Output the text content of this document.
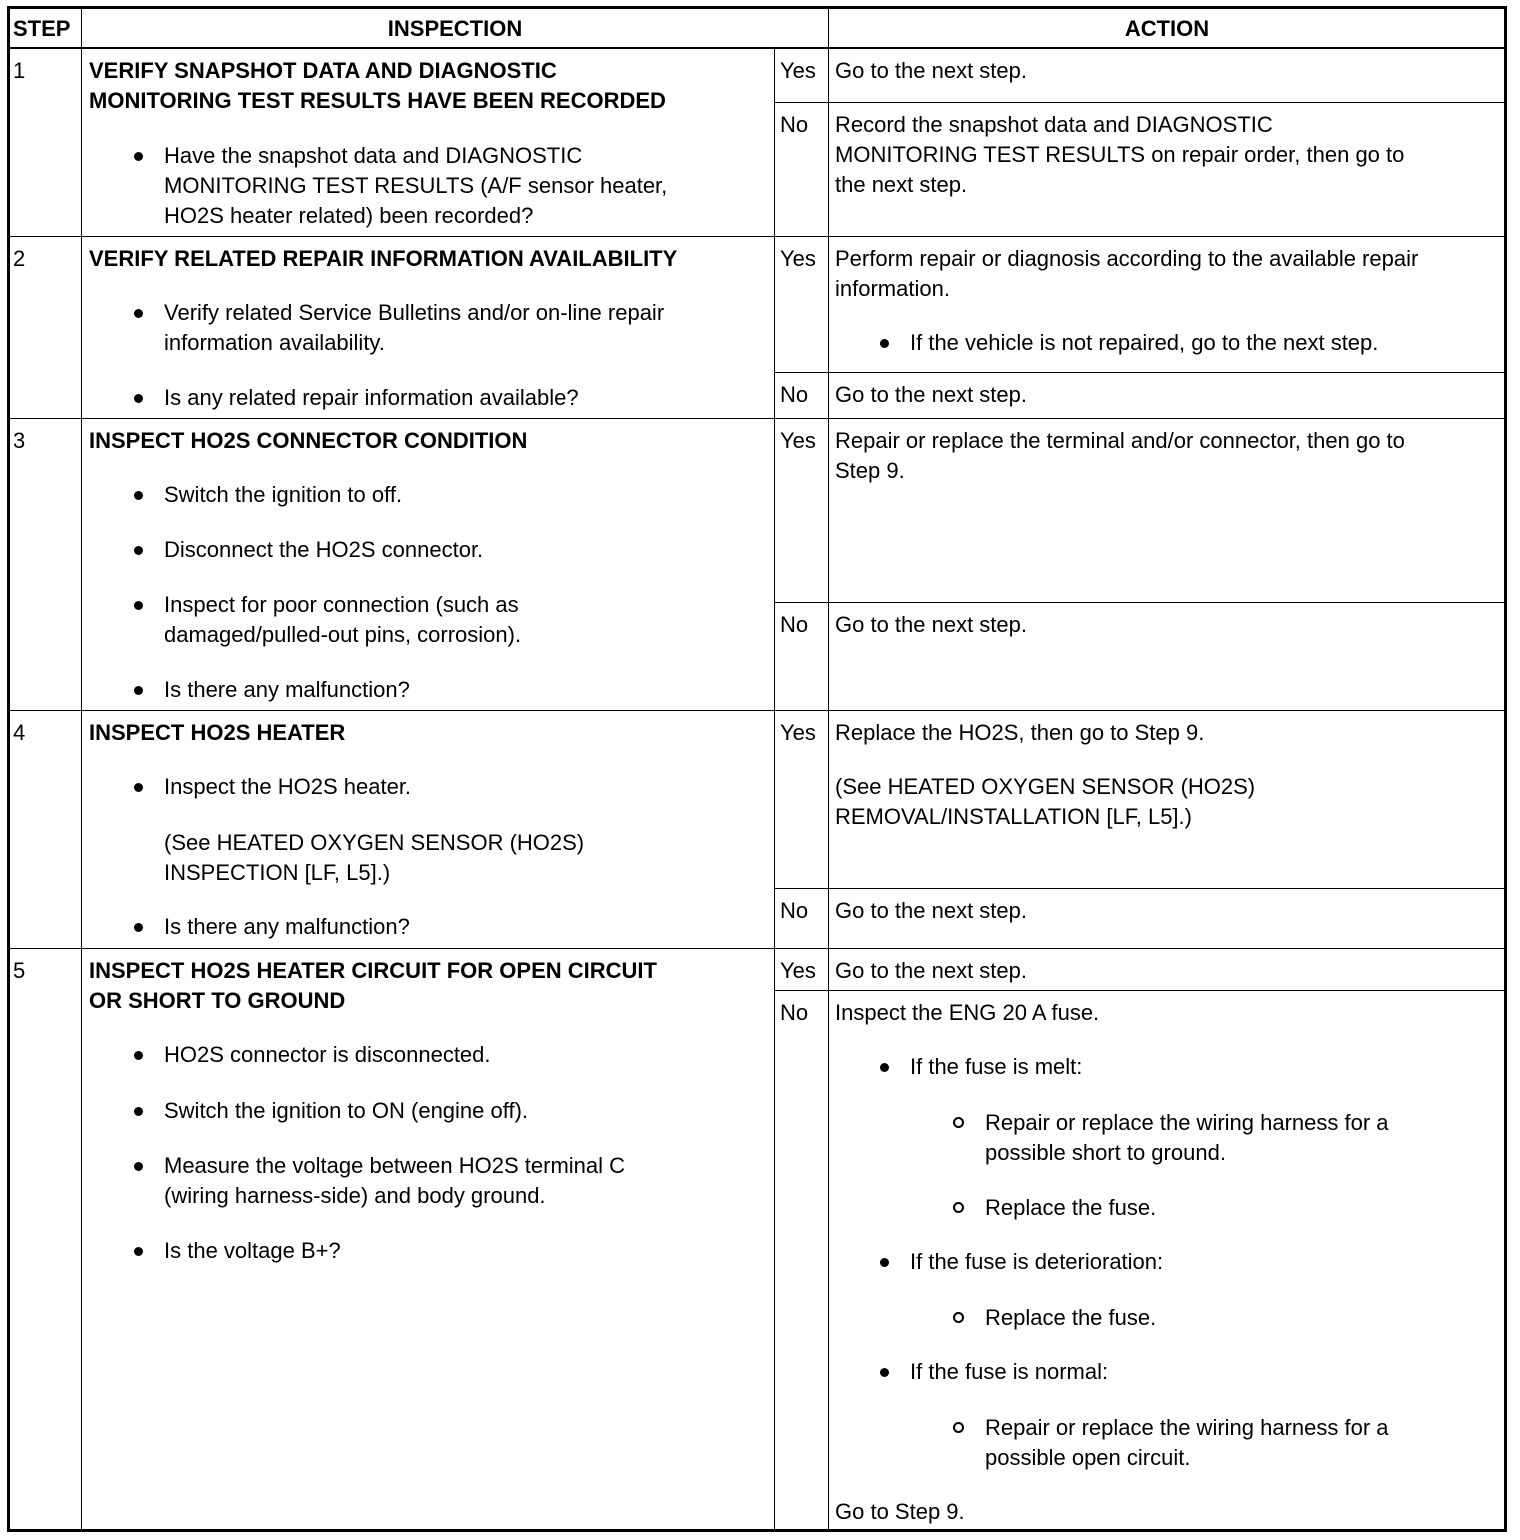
STEP	INSPECTION	ACTION
1	VERIFY SNAPSHOT DATA AND DIAGNOSTIC
MONITORING TEST RESULTS HAVE BEEN RECORDED
Have the snapshot data and DIAGNOSTIC
MONITORING TEST RESULTS (A/F sensor heater,
HO2S heater related) been recorded?
Yes Go to the next step.
No Record the snapshot data and DIAGNOSTIC
MONITORING TEST RESULTS on repair order, then go to
the next step.
2	VERIFY RELATED REPAIR INFORMATION AVAILABILITY
Verify related Service Bulletins and/or on-line repair
information availability.
Is any related repair information available?
Yes Perform repair or diagnosis according to the available repair
information.
If the vehicle is not repaired, go to the next step.
No Go to the next step.
3	INSPECT HO2S CONNECTOR CONDITION
Switch the ignition to off.
Disconnect the HO2S connector.
Inspect for poor connection (such as
damaged/pulled-out pins, corrosion).
Is there any malfunction?
Yes Repair or replace the terminal and/or connector, then go to
Step 9.
No Go to the next step.
4	INSPECT HO2S HEATER
Inspect the HO2S heater.
(See HEATED OXYGEN SENSOR (HO2S)
INSPECTION [LF, L5].)
Is there any malfunction?
Yes Replace the HO2S, then go to Step 9.
(See HEATED OXYGEN SENSOR (HO2S)
REMOVAL/INSTALLATION [LF, L5].)
No Go to the next step.
5	INSPECT HO2S HEATER CIRCUIT FOR OPEN CIRCUIT
OR SHORT TO GROUND
HO2S connector is disconnected.
Switch the ignition to ON (engine off).
Measure the voltage between HO2S terminal C
(wiring harness-side) and body ground.
Is the voltage B+?
Yes Go to the next step.
No Inspect the ENG 20 A fuse.
If the fuse is melt:
Repair or replace the wiring harness for a
possible short to ground.
Replace the fuse.
If the fuse is deterioration:
Replace the fuse.
If the fuse is normal:
Repair or replace the wiring harness for a
possible open circuit.
Go to Step 9.
